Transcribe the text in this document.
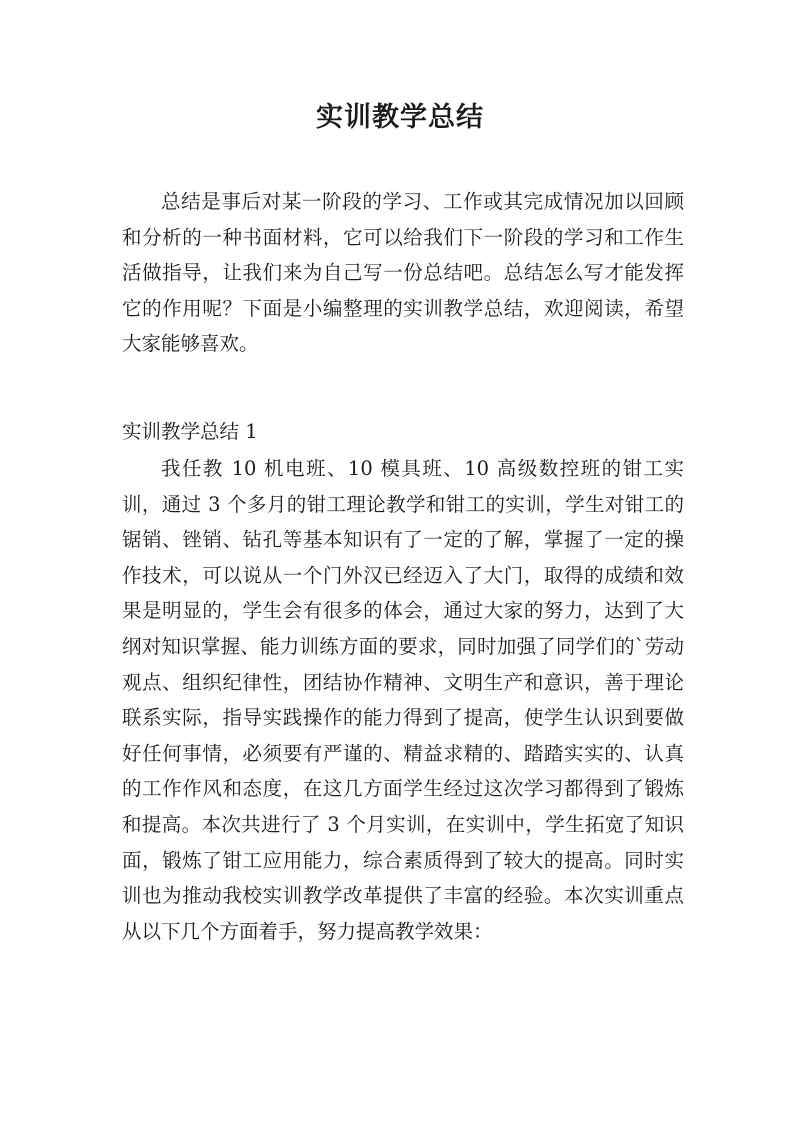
实训教学总结

总结是事后对某一阶段的学习、工作或其完成情况加以回顾和分析的一种书面材料，它可以给我们下一阶段的学习和工作生活做指导，让我们来为自己写一份总结吧。总结怎么写才能发挥它的作用呢？下面是小编整理的实训教学总结，欢迎阅读，希望大家能够喜欢。

实训教学总结 1

我任教 10 机电班、10 模具班、10 高级数控班的钳工实训，通过 3 个多月的钳工理论教学和钳工的实训，学生对钳工的锯销、锉销、钻孔等基本知识有了一定的了解，掌握了一定的操作技术，可以说从一个门外汉已经迈入了大门，取得的成绩和效果是明显的，学生会有很多的体会，通过大家的努力，达到了大纲对知识掌握、能力训练方面的要求，同时加强了同学们的`劳动观点、组织纪律性，团结协作精神、文明生产和意识，善于理论联系实际，指导实践操作的能力得到了提高，使学生认识到要做好任何事情，必须要有严谨的、精益求精的、踏踏实实的、认真的工作作风和态度，在这几方面学生经过这次学习都得到了锻炼和提高。本次共进行了 3 个月实训，在实训中，学生拓宽了知识面，锻炼了钳工应用能力，综合素质得到了较大的提高。同时实训也为推动我校实训教学改革提供了丰富的经验。本次实训重点从以下几个方面着手，努力提高教学效果：
